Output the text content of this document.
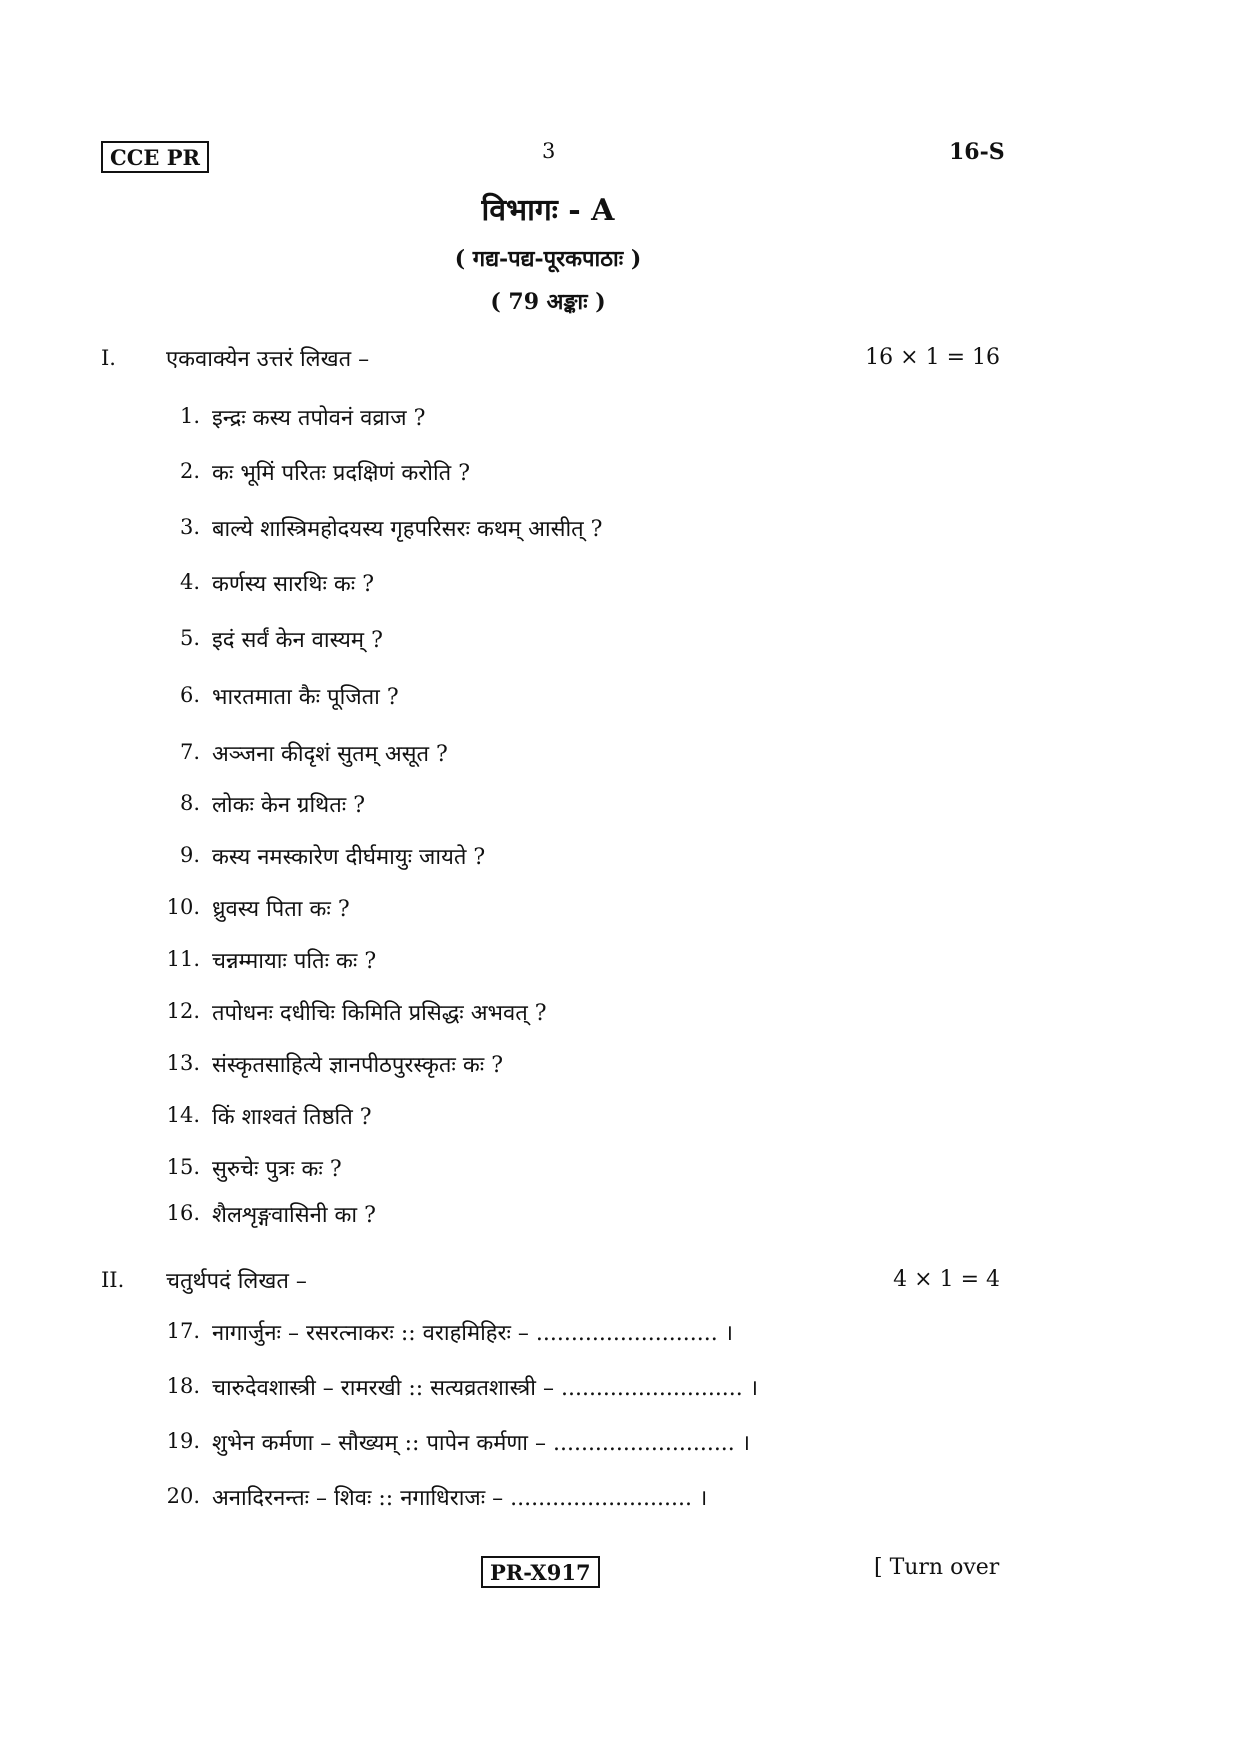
CCE PR	3	16-S
विभागः - A
( गद्य-पद्य-पूरकपाठाः )
( 79 अङ्काः )
I. एकवाक्येन उत्तरं लिखत –	16 × 1 = 16
1. इन्द्रः कस्य तपोवनं वव्राज ?
2. कः भूमिं परितः प्रदक्षिणं करोति ?
3. बाल्ये शास्त्रिमहोदयस्य गृहपरिसरः कथम् आसीत् ?
4. कर्णस्य सारथिः कः ?
5. इदं सर्वं केन वास्यम् ?
6. भारतमाता कैः पूजिता ?
7. अञ्जना कीदृशं सुतम् असूत ?
8. लोकः केन ग्रथितः ?
9. कस्य नमस्कारेण दीर्घमायुः जायते ?
10. ध्रुवस्य पिता कः ?
11. चन्नम्मायाः पतिः कः ?
12. तपोधनः दधीचिः किमिति प्रसिद्धः अभवत् ?
13. संस्कृतसाहित्ये ज्ञानपीठपुरस्कृतः कः ?
14. किं शाश्वतं तिष्ठति ?
15. सुरुचेः पुत्रः कः ?
16. शैलशृङ्गवासिनी का ?
II. चतुर्थपदं लिखत –	4 × 1 = 4
17. नागार्जुनः – रसरत्नाकरः :: वराहमिहिरः – .......................... ।
18. चारुदेवशास्त्री – रामरखी :: सत्यव्रतशास्त्री – .......................... ।
19. शुभेन कर्मणा – सौख्यम् :: पापेन कर्मणा – .......................... ।
20. अनादिरनन्तः – शिवः :: नगाधिराजः – .......................... ।
PR-X917	[ Turn over
